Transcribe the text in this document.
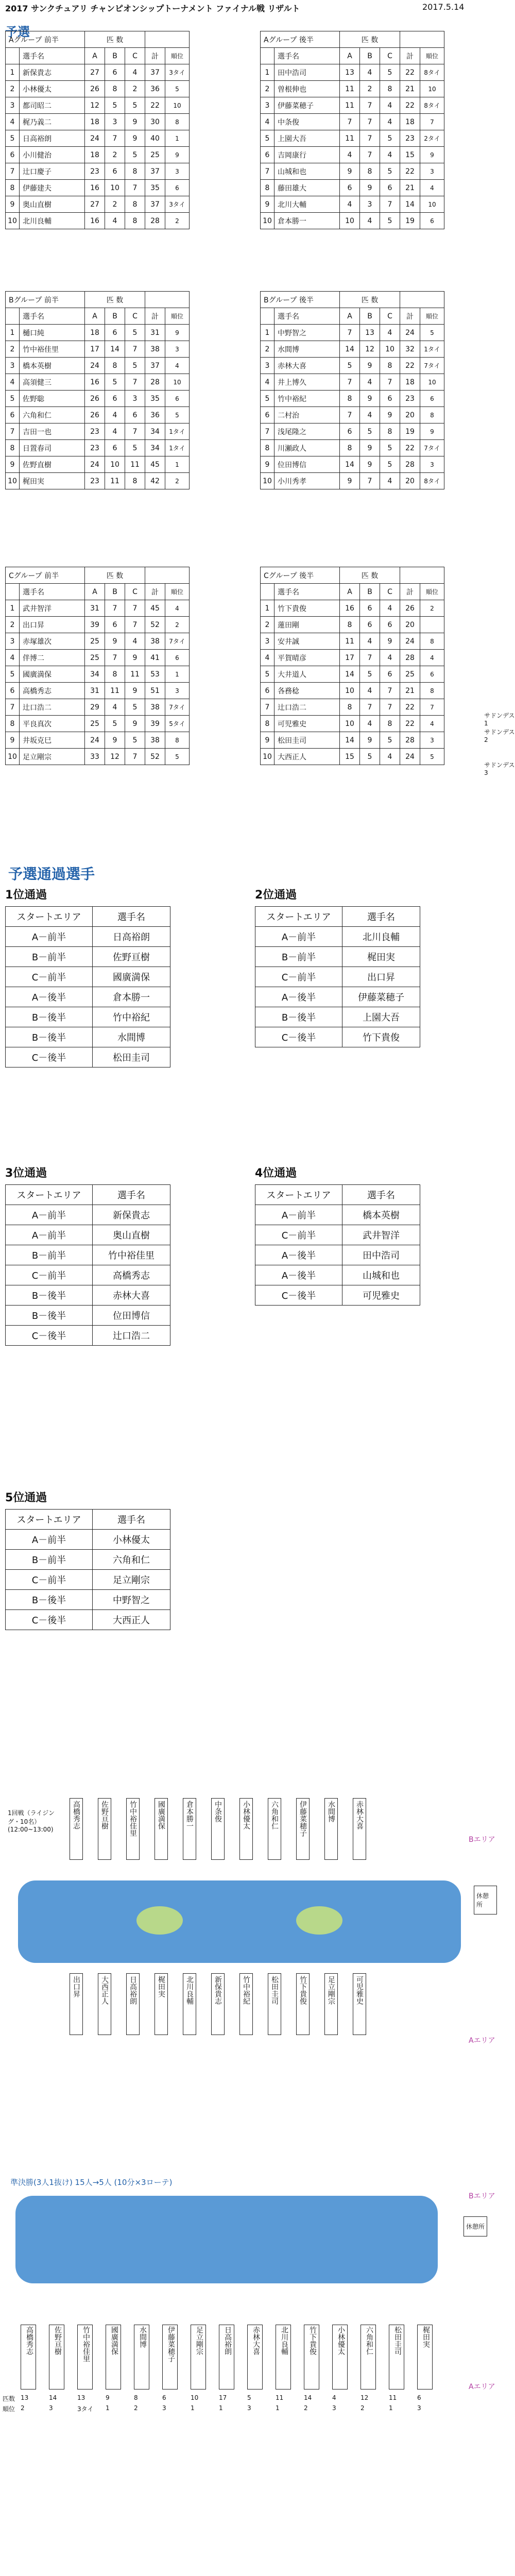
2017 サンクチュアリ チャンピオンシップトーナメント ファイナル戦 リザルト	2017.5.14
予選
Aグループ 前半		匹 数				
	選手名	A	B	C	計	順位
1	新保貴志	27	6	4	37	3タイ
2	小林優太	26	8	2	36	5
3	都司昭二	12	5	5	22	10
4	梶乃義二	18	3	9	30	8
5	日高裕朗	24	7	9	40	1
6	小川健治	18	2	5	25	9
7	辻口慶子	23	6	8	37	3
8	伊藤建夫	16	10	7	35	6
9	奥山直樹	27	2	8	37	3タイ
10	北川良輔	16	4	8	28	2
Aグループ 後半		匹 数				
	選手名	A	B	C	計	順位
1	田中浩司	13	4	5	22	8タイ
2	曽根伸也	11	2	8	21	10
3	伊藤菜穂子	11	7	4	22	8タイ
4	中条俊	7	7	4	18	7
5	上園大吾	11	7	5	23	2タイ
6	吉岡康行	4	7	4	15	9
7	山城和也	9	8	5	22	3
8	藤田雄大	6	9	6	21	4
9	北川大輔	4	3	7	14	10
10	倉本勝一	10	4	5	19	6
Bグループ 前半		匹 数				
	選手名	A	B	C	計	順位
1	樋口純	18	6	5	31	9
2	竹中裕佳里	17	14	7	38	3
3	橋本英樹	24	8	5	37	4
4	高須健三	16	5	7	28	10
5	佐野聡	26	6	3	35	6
6	六角和仁	26	4	6	36	5
7	吉田一也	23	4	7	34	1タイ
8	日置春司	23	6	5	34	1タイ
9	佐野直樹	24	10	11	45	1
10	梶田実	23	11	8	42	2
Bグループ 後半		匹 数				
	選手名	A	B	C	計	順位
1	中野智之	7	13	4	24	5
2	水間博	14	12	10	32	1タイ
3	赤林大喜	5	9	8	22	7タイ
4	井上博久	7	4	7	18	10
5	竹中裕紀	8	9	6	23	6
6	二村治	7	4	9	20	8
7	浅尾隆之	6	5	8	19	9
8	川瀬政人	8	9	5	22	7タイ
9	位田博信	14	9	5	28	3
10	小川秀孝	9	7	4	20	8タイ
Cグループ 前半		匹 数				
	選手名	A	B	C	計	順位
1	武井智洋	31	7	7	45	4
2	出口昇	39	6	7	52	2
3	赤塚雄次	25	9	4	38	7タイ
4	伴博二	25	7	9	41	6
5	國廣満保	34	8	11	53	1
6	高橋秀志	31	11	9	51	3
7	辻口浩二	29	4	5	38	7タイ
8	平良真次	25	5	9	39	5タイ
9	井坂克巳	24	9	5	38	8
10	足立剛宗	33	12	7	52	5
Cグループ 後半		匹 数				
	選手名	A	B	C	計	順位
1	竹下貴俊	16	6	4	26	2
2	蓮田剛	8	6	6	20	
3	安井誠	11	4	9	24	8
4	平賀晴彦	17	7	4	28	4
5	大井道人	14	5	6	25	6
6	各務稔	10	4	7	21	8
7	辻口浩二	8	7	7	22	7
8	可児雅史	10	4	8	22	4
9	松田圭司	14	9	5	28	3
10	大西正人	15	5	4	24	5
予選通過選手
1位通過
スタートエリア	選手名
A－前半	日高裕朗
B－前半	佐野亘樹
C－前半	國廣満保
A－後半	倉本勝一
B－後半	竹中裕紀
B－後半	水間博
C－後半	松田圭司
2位通過
スタートエリア	選手名
A－前半	北川良輔
B－前半	梶田実
C－前半	出口昇
A－後半	伊藤菜穂子
B－後半	上園大吾
C－後半	竹下貴俊
3位通過
スタートエリア	選手名
A－前半	新保貴志
A－前半	奥山直樹
B－前半	竹中裕佳里
C－前半	高橋秀志
B－後半	赤林大喜
B－後半	位田博信
C－後半	辻口浩二
4位通過
スタートエリア	選手名
A－前半	橋本英樹
C－前半	武井智洋
A－後半	田中浩司
A－後半	山城和也
C－後半	可児雅史
5位通過
スタートエリア	選手名
A－前半	小林優太
B－前半	六角和仁
C－前半	足立剛宗
B－後半	中野智之
C－後半	大西正人
1回戦（ライジング・10名）
(12:00~13:00)	高橋秀志	佐野亘樹	竹中裕佳里	國廣満保	倉本勝一	中条俊	小林優太	六角和仁	伊藤菜穂子	水間博	赤林大喜
Bエリア
Aエリア
休憩所
出口昇	大西正人	日高裕朗	梶田実	北川良輔	新保貴志	竹中裕紀	松田圭司	竹下貴俊	足立剛宗	可児雅史
準決勝(3人1抜け) 15人→5人 (10分×3ローテ)
休憩所
Bエリア
Aエリア
高橋秀志
13
2
佐野亘樹
14
3
竹中裕佳里
13
3タイ
國廣満保
9
1
水間博
8
2
伊藤菜穂子
6
3
足立剛宗
10
1
日高裕朗
17
1
赤林大喜
5
3
北川良輔
11
1
竹下貴俊
14
2
小林優太
4
3
六角和仁
12
2
松田圭司
11
1
梶田実
6
3
匹数
順位

サドンデス1
サドンデス2
サドンデス3
